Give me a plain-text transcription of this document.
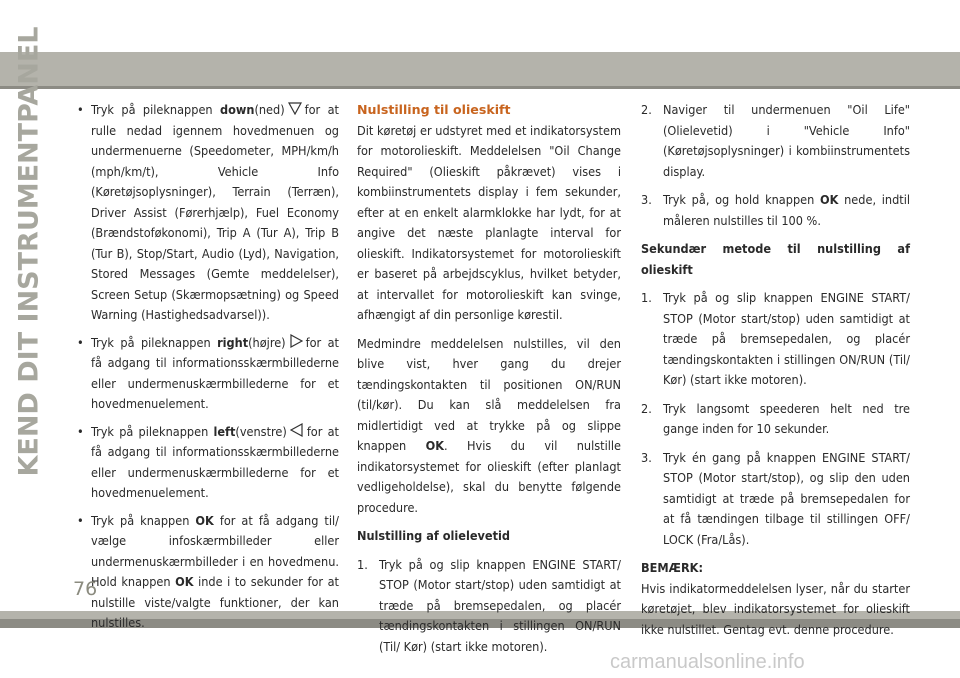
KEND DIT INSTRUMENTPANEL

•	Tryk på pileknappen down(ned) for at rulle nedad igennem hovedmenuen og undermenuerne (Speedometer, MPH/km/h (mph/km/t), Vehicle Info (Køretøjsoplysninger), Terrain (Terræn), Driver Assist (Førerhjælp), Fuel Economy (Brændstoføkonomi), Trip A (Tur A), Trip B (Tur B), Stop/Start, Audio (Lyd), Navigation, Stored Messages (Gemte meddelelser), Screen Setup (Skærmopsætning) og Speed Warning (Hastighedsadvarsel)).

• Tryk på pileknappen right(højre) for at få adgang til informationsskærmbillederne eller undermenuskærmbillederne for et hovedmenuelement.

• Tryk på pileknappen left(venstre) for at få adgang til informationsskærmbillederne eller undermenuskærmbillederne for et hovedmenuelement.

• Tryk på knappen OK for at få adgang til/ vælge infoskærmbilleder eller undermenuskærmbilleder i en hovedmenu. Hold knappen OK inde i to sekunder for at nulstille viste/valgte funktioner, der kan nulstilles.

Nulstilling til olieskift

Dit køretøj er udstyret med et indikatorsystem for motorolieskift. Meddelelsen "Oil Change Required" (Olieskift påkrævet) vises i kombiinstrumentets display i fem sekunder, efter at en enkelt alarmklokke har lydt, for at angive det næste planlagte interval for olieskift. Indikatorsystemet for motorolieskift er baseret på arbejdscyklus, hvilket betyder, at intervallet for motorolieskift kan svinge, afhængigt af din personlige kørestil.

Medmindre meddelelsen nulstilles, vil den blive vist, hver gang du drejer tændingskontakten til positionen ON/RUN (til/kør). Du kan slå meddelelsen fra midlertidigt ved at trykke på og slippe knappen OK. Hvis du vil nulstille indikatorsystemet for olieskift (efter planlagt vedligeholdelse), skal du benytte følgende procedure.

Nulstilling af olielevetid

1. Tryk på og slip knappen ENGINE START/ STOP (Motor start/stop) uden samtidigt at træde på bremsepedalen, og placér tændingskontakten i stillingen ON/RUN (Til/ Kør) (start ikke motoren).

2. Naviger til undermenuen "Oil Life" (Olielevetid) i "Vehicle Info" (Køretøjsoplysninger) i kombiinstrumentets display.

3. Tryk på, og hold knappen OK nede, indtil måleren nulstilles til 100 %.

Sekundær metode til nulstilling af olieskift

1. Tryk på og slip knappen ENGINE START/ STOP (Motor start/stop) uden samtidigt at træde på bremsepedalen, og placér tændingskontakten i stillingen ON/RUN (Til/ Kør) (start ikke motoren).

2. Tryk langsomt speederen helt ned tre gange inden for 10 sekunder.

3. Tryk én gang på knappen ENGINE START/ STOP (Motor start/stop), og slip den uden samtidigt at træde på bremsepedalen for at få tændingen tilbage til stillingen OFF/ LOCK (Fra/Lås).

BEMÆRK:

Hvis indikatormeddelelsen lyser, når du starter køretøjet, blev indikatorsystemet for olieskift ikke nulstillet. Gentag evt. denne procedure.

76
carmanualsonline.info
